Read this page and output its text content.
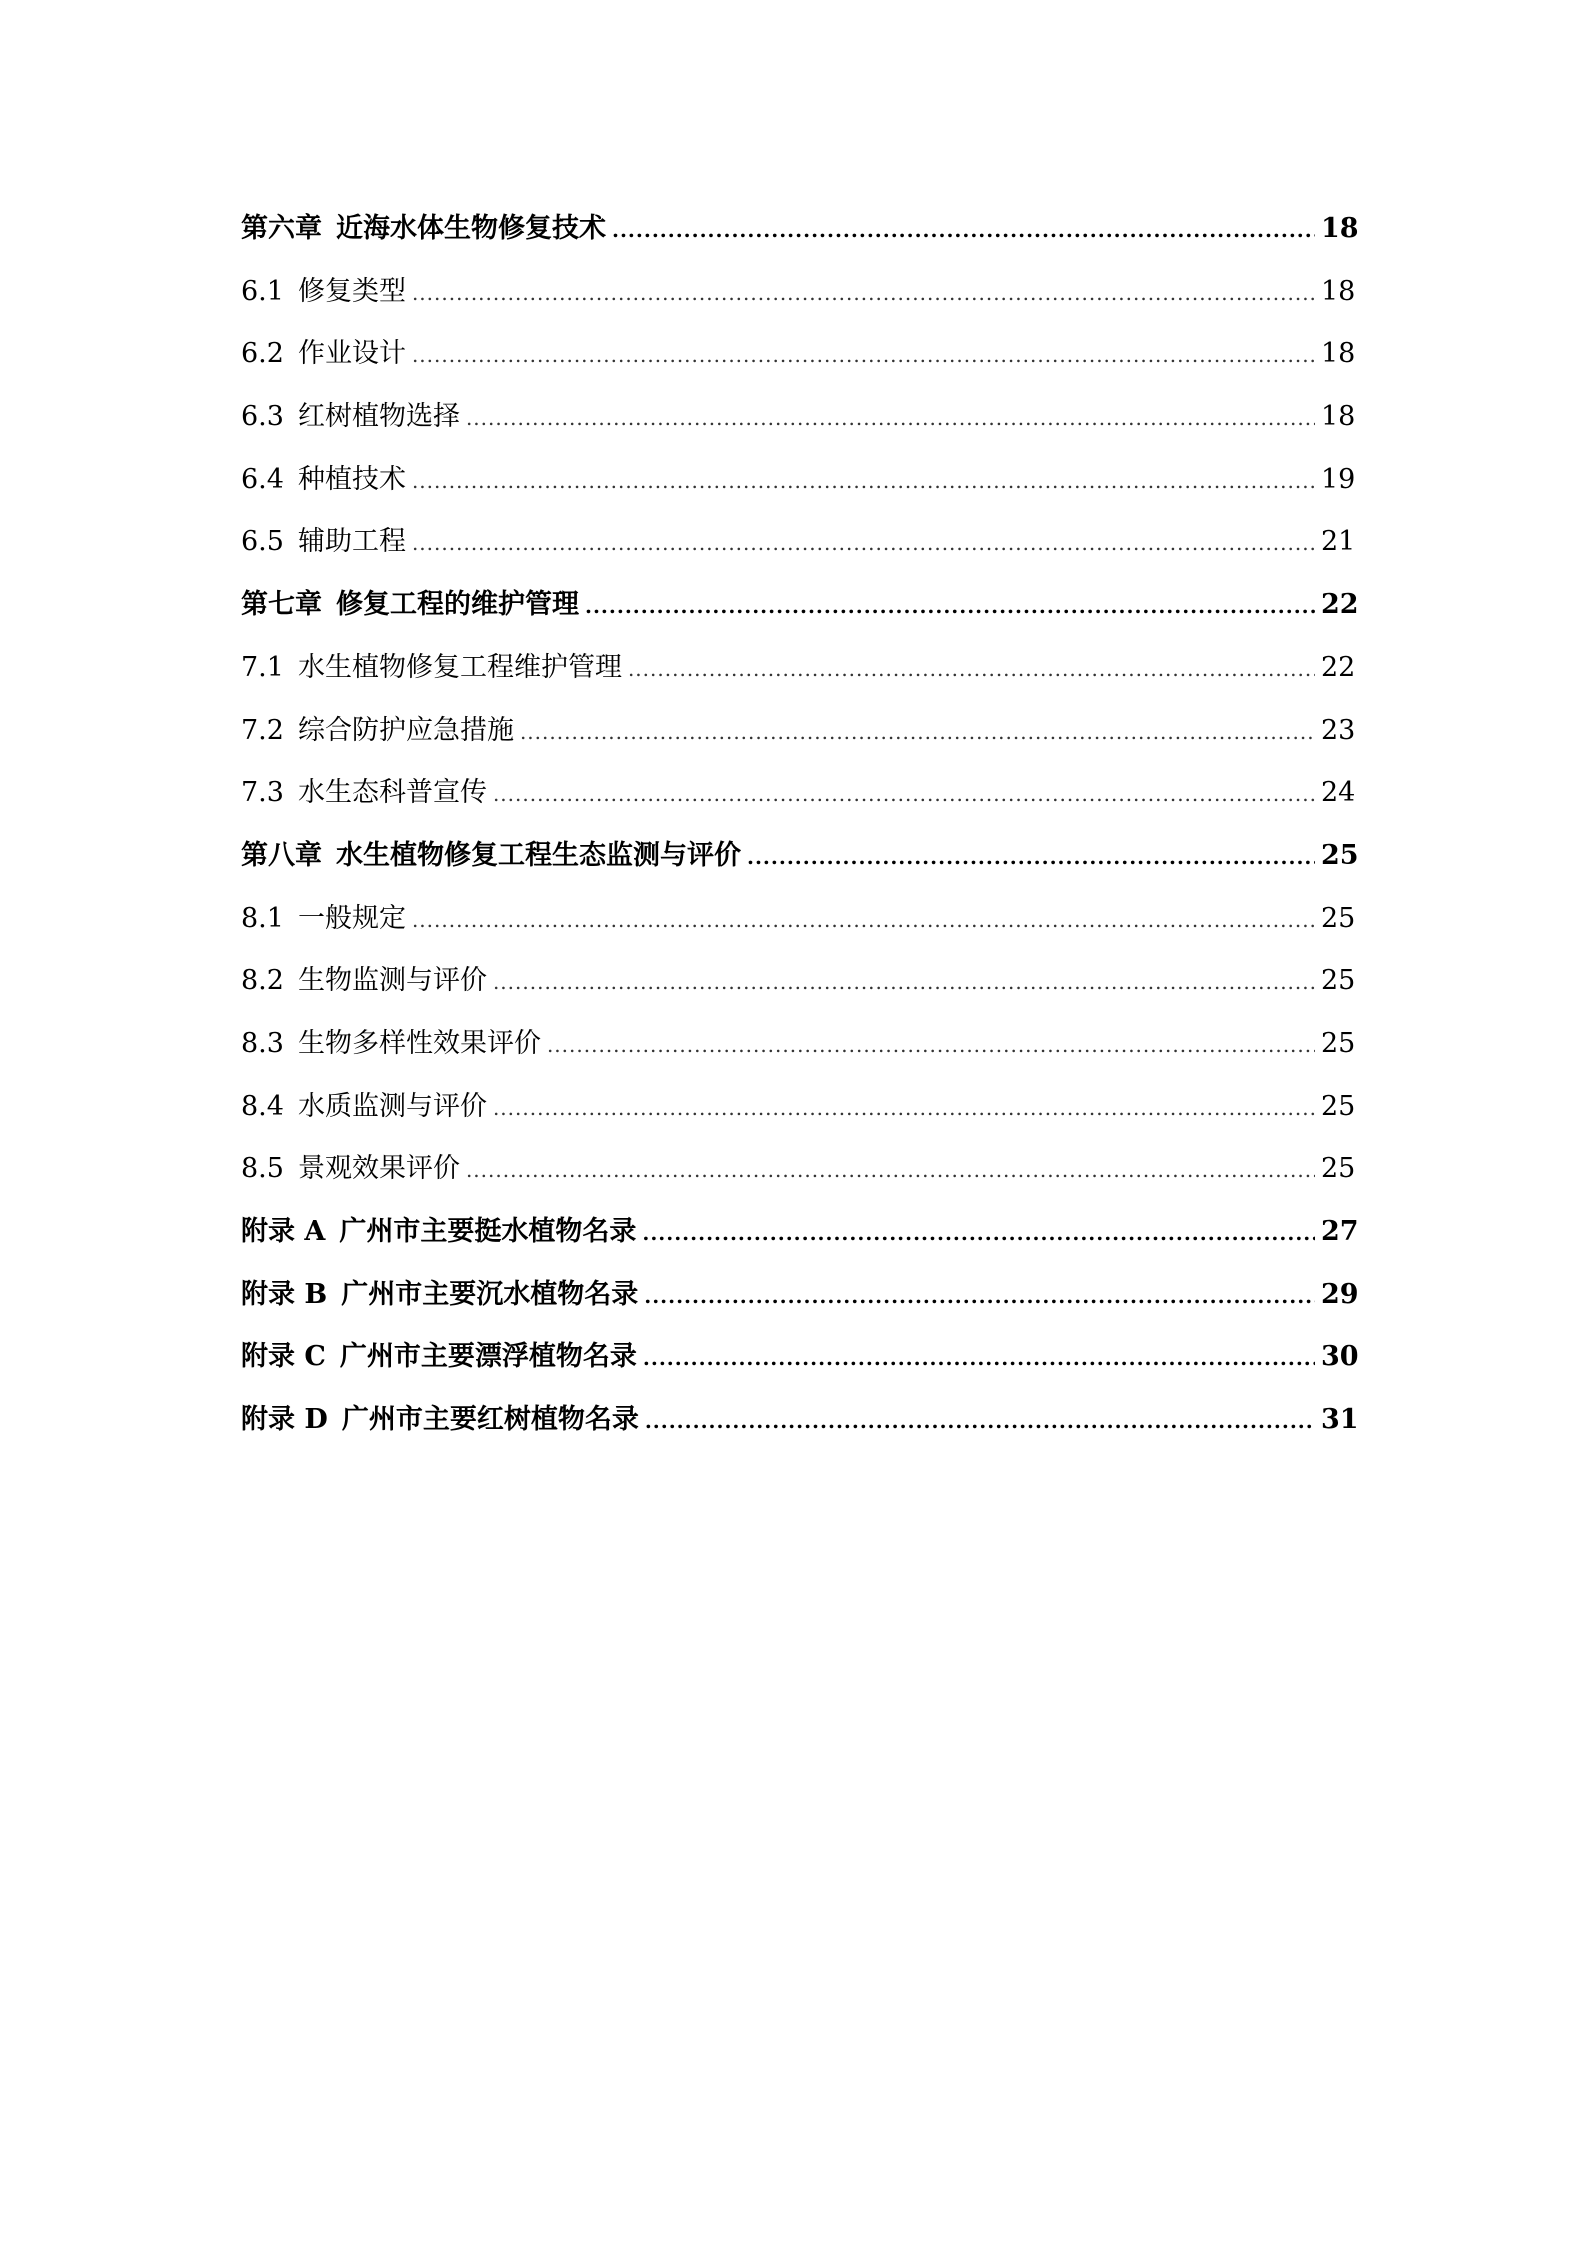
第六章 近海水体生物修复技术 .....	18
6.1 修复类型 .....	18
6.2 作业设计 .....	18
6.3 红树植物选择 .....	18
6.4 种植技术 .....	19
6.5 辅助工程 .....	21
第七章 修复工程的维护管理 .....	22
7.1 水生植物修复工程维护管理 .....	22
7.2 综合防护应急措施 .....	23
7.3 水生态科普宣传 .....	24
第八章 水生植物修复工程生态监测与评价 .....	25
8.1 一般规定 .....	25
8.2 生物监测与评价 .....	25
8.3 生物多样性效果评价 .....	25
8.4 水质监测与评价 .....	25
8.5 景观效果评价 .....	25
附录 A 广州市主要挺水植物名录 .....	27
附录 B 广州市主要沉水植物名录 .....	29
附录 C 广州市主要漂浮植物名录 .....	30
附录 D 广州市主要红树植物名录 .....	31
